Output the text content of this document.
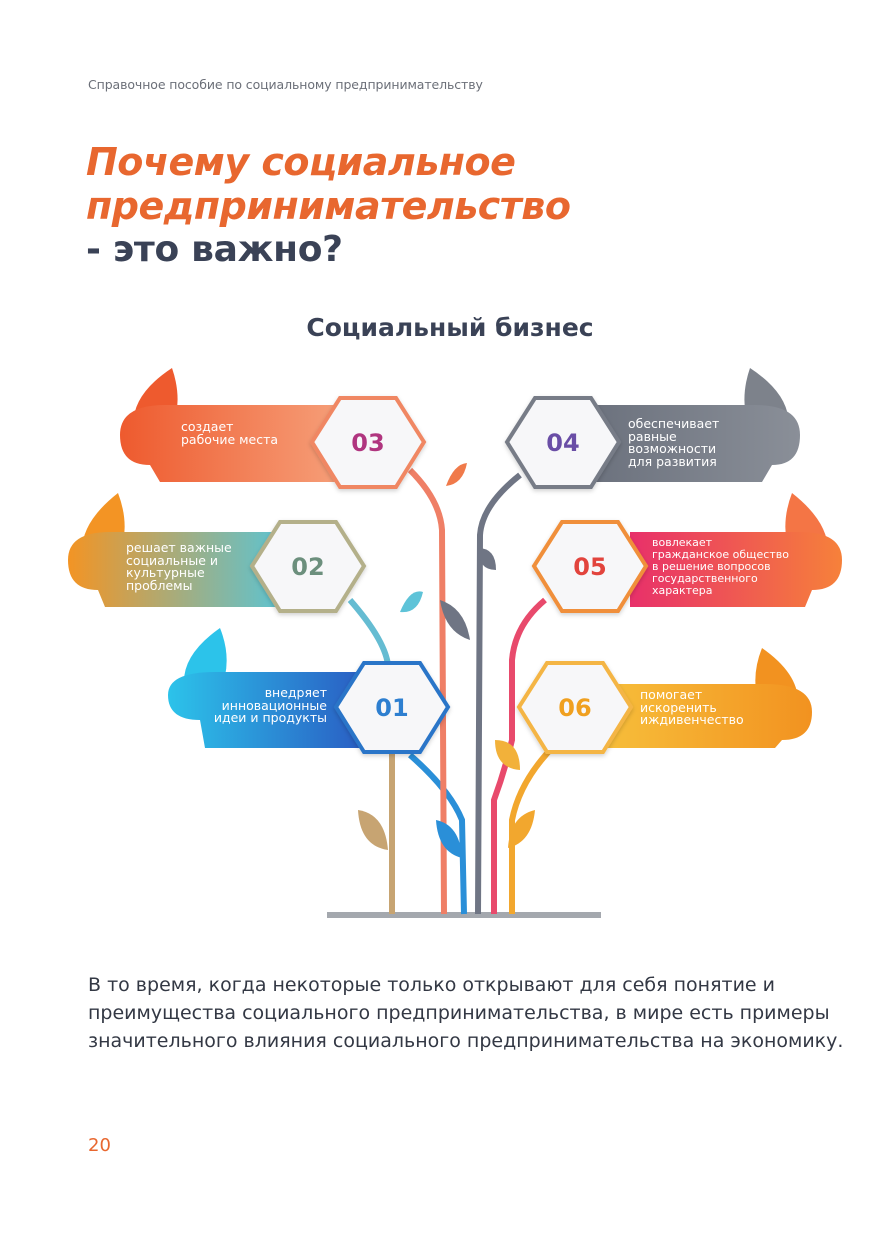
Справочное пособие по социальному предпринимательству
Почему социальное
предпринимательство
- это важно?
Социальный бизнес
03	04
02	05
01	06
создает
рабочие места
решает важные
социальные и
культурные
проблемы
внедряет
инновационные
идеи и продукты
обеспечивает
равные
возможности
для развития
вовлекает
гражданское общество
в решение вопросов
государственного
характера
помогает
искоренить
иждивенчество
В то время, когда некоторые только открывают для себя понятие и преимущества социального предпринимательства, в мире есть примеры значительного влияния социального предпринимательства на экономику.
20
